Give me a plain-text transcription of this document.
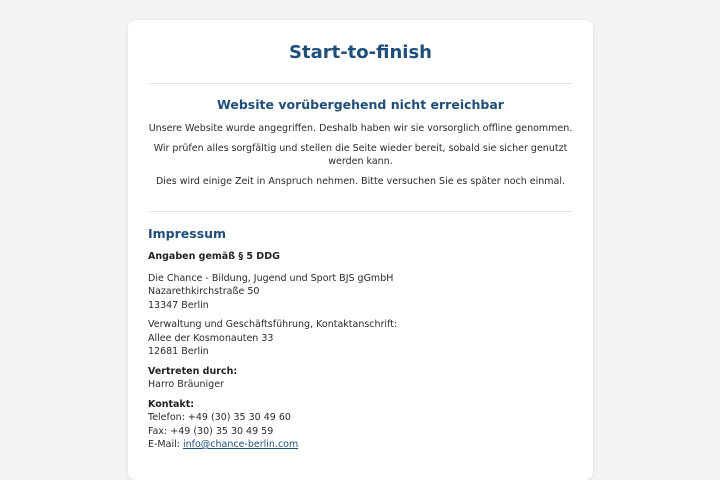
Start-to-finish
Website vorübergehend nicht erreichbar

Unsere Website wurde angegriffen. Deshalb haben wir sie vorsorglich offline genommen.

Wir prüfen alles sorgfältig und stellen die Seite wieder bereit, sobald sie sicher genutzt werden kann.

Dies wird einige Zeit in Anspruch nehmen. Bitte versuchen Sie es später noch einmal.

Impressum

Angaben gemäß § 5 DDG

Die Chance - Bildung, Jugend und Sport BJS gGmbH
Nazarethkirchstraße 50
13347 Berlin

Verwaltung und Geschäftsführung, Kontaktanschrift:
Allee der Kosmonauten 33
12681 Berlin

Vertreten durch:
Harro Bräuniger

Kontakt:
Telefon: +49 (30) 35 30 49 60
Fax: +49 (30) 35 30 49 59
E-Mail: info@chance-berlin.com
